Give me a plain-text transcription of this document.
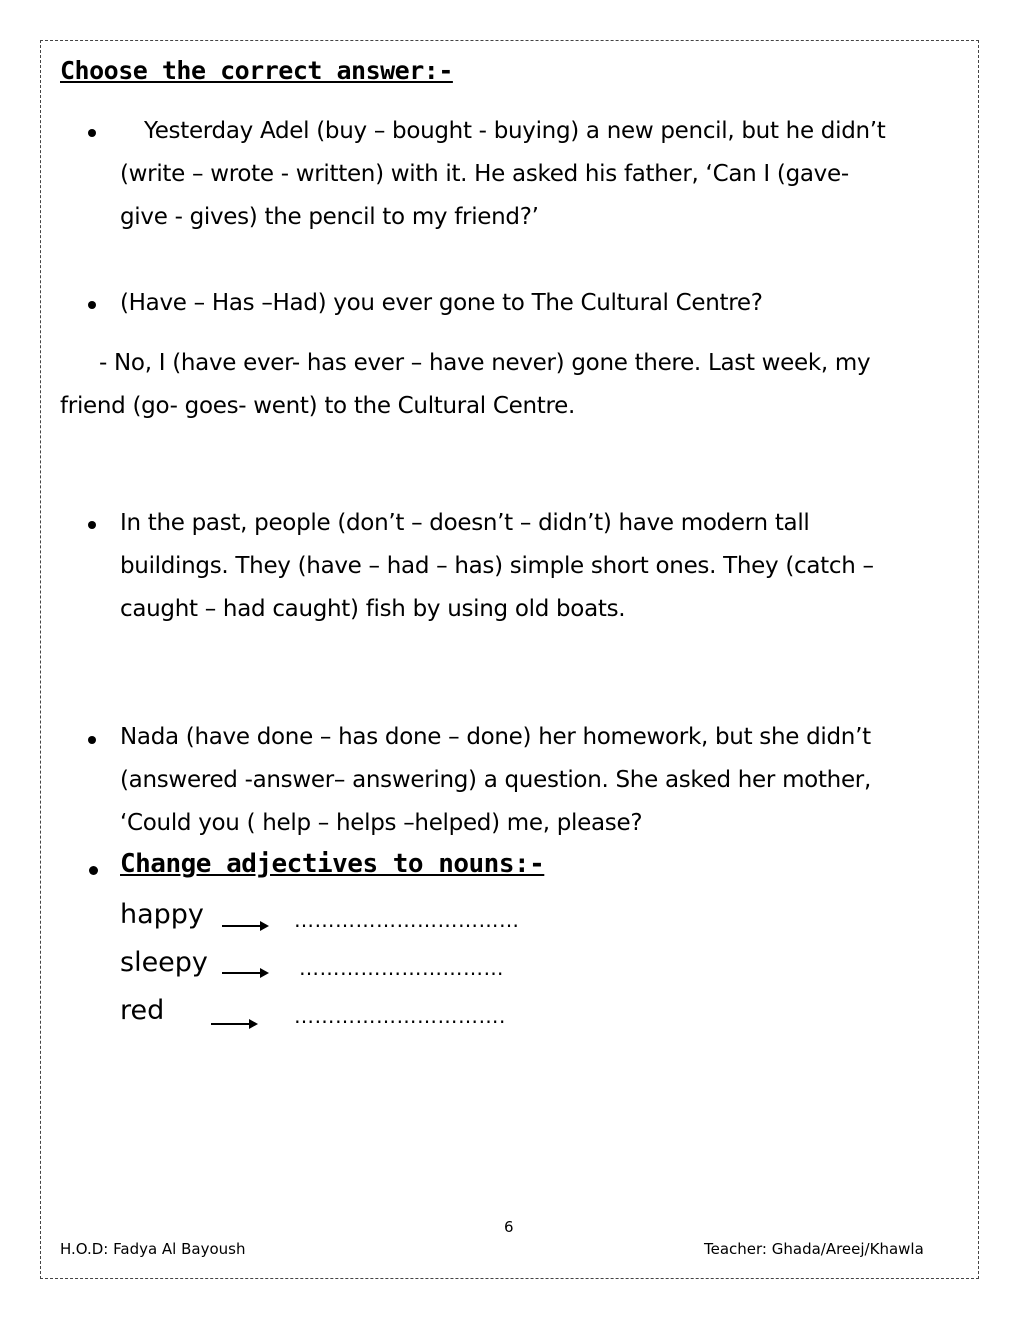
Choose the correct answer:-
Yesterday Adel (buy – bought - buying) a new pencil, but he didn’t
(write – wrote - written) with it. He asked his father, ‘Can I (gave-
give - gives) the pencil to my friend?’
(Have – Has –Had) you ever gone to The Cultural Centre?
- No, I (have ever- has ever – have never) gone there. Last week, my
friend (go- goes- went) to the Cultural Centre.
In the past, people (don’t – doesn’t – didn’t) have modern tall
buildings. They (have – had – has) simple short ones. They (catch –
caught – had caught) fish by using old boats.
Nada (have done – has done – done) her homework, but she didn’t
(answered -answer– answering) a question. She asked her mother,
‘Could you ( help – helps –helped) me, please?
Change adjectives to nouns:-
happy	……………………………
sleepy	…………………………
red	………………………….
6
H.O.D: Fadya Al Bayoush	Teacher: Ghada/Areej/Khawla
